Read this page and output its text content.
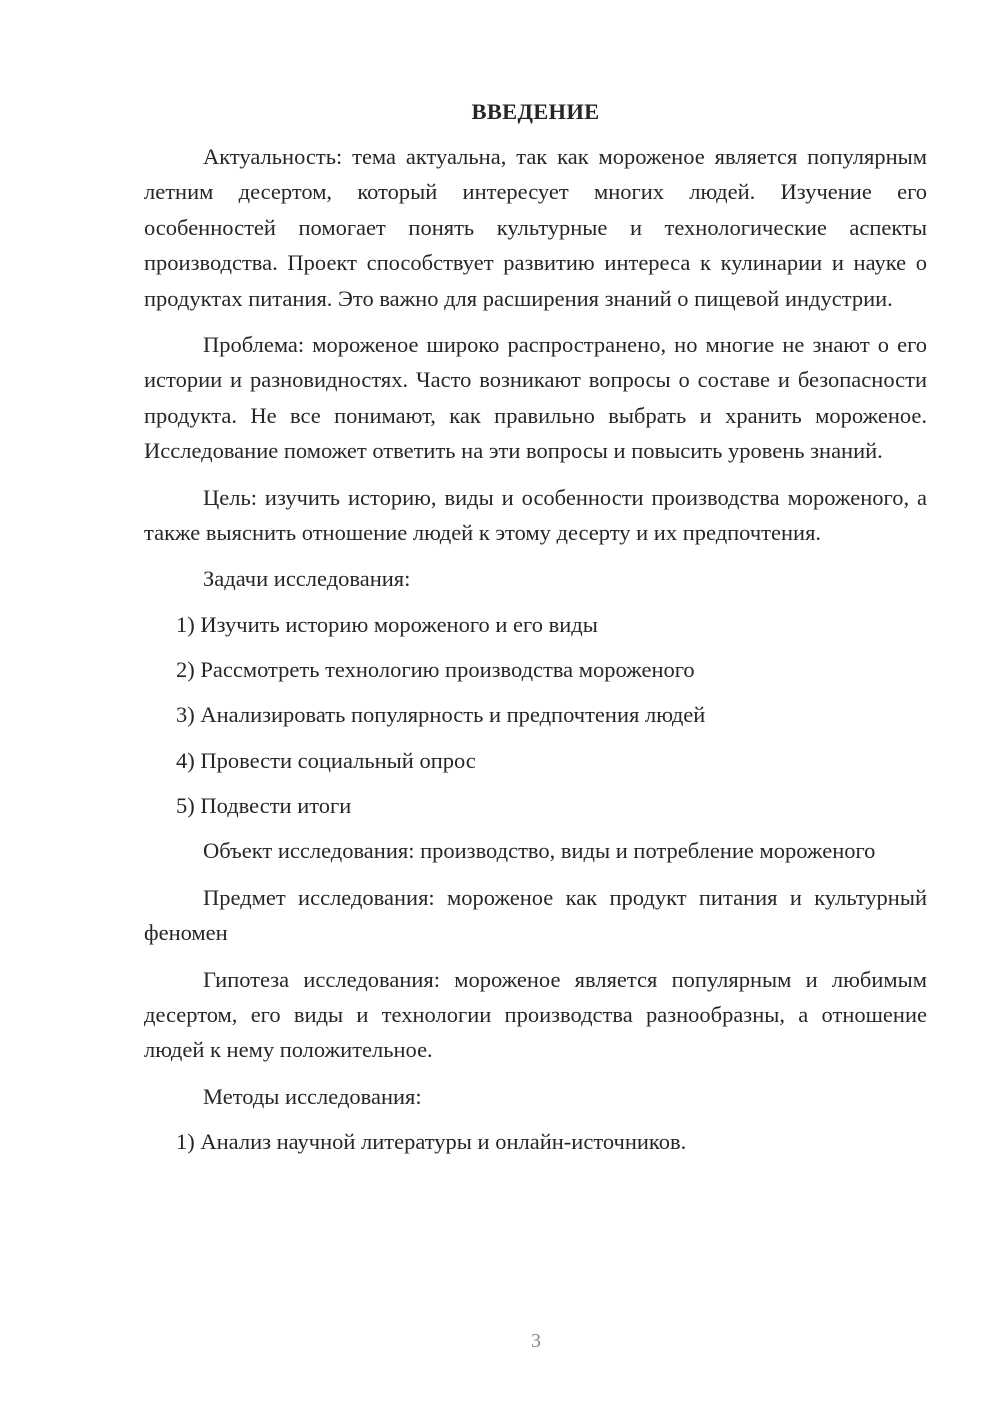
ВВЕДЕНИЕ

Актуальность: тема актуальна, так как мороженое является популярным летним десертом, который интересует многих людей. Изучение его особенностей помогает понять культурные и технологические аспекты производства. Проект способствует развитию интереса к кулинарии и науке о продуктах питания. Это важно для расширения знаний о пищевой индустрии.

Проблема: мороженое широко распространено, но многие не знают о его истории и разновидностях. Часто возникают вопросы о составе и безопасности продукта. Не все понимают, как правильно выбрать и хранить мороженое. Исследование поможет ответить на эти вопросы и повысить уровень знаний.

Цель: изучить историю, виды и особенности производства мороженого, а также выяснить отношение людей к этому десерту и их предпочтения.

Задачи исследования:

1) Изучить историю мороженого и его виды
2) Рассмотреть технологию производства мороженого
3) Анализировать популярность и предпочтения людей
4) Провести социальный опрос
5) Подвести итоги

Объект исследования: производство, виды и потребление мороженого

Предмет исследования: мороженое как продукт питания и культурный феномен

Гипотеза исследования: мороженое является популярным и любимым десертом, его виды и технологии производства разнообразны, а отношение людей к нему положительное.

Методы исследования:

1) Анализ научной литературы и онлайн-источников.
3
